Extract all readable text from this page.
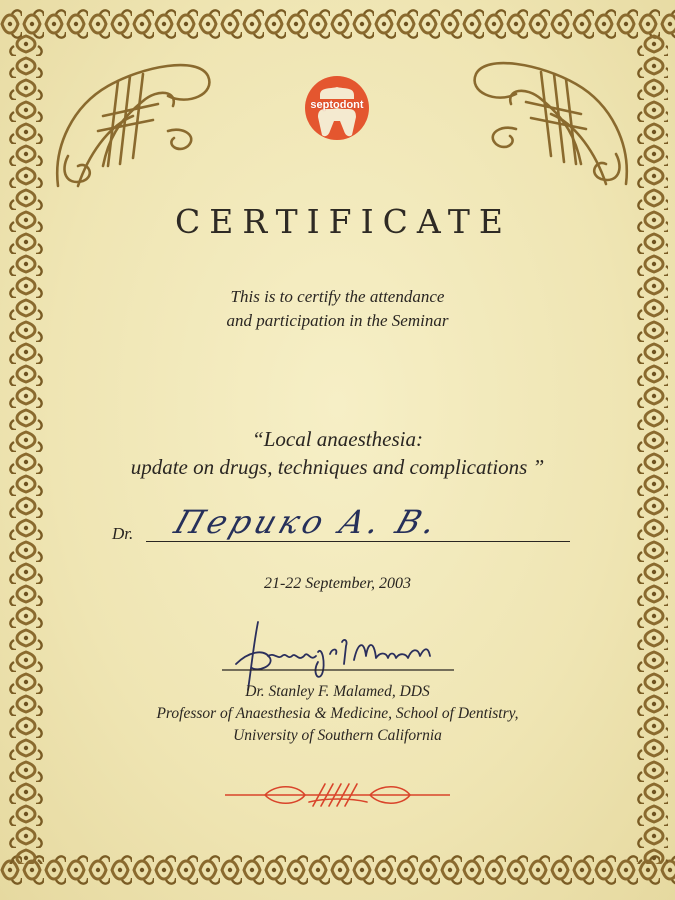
septodont
CERTIFICATE
This is to certify the attendance
and participation in the Seminar
“Local anaesthesia:
update on drugs, techniques and complications ”
Dr. Перико А. В.
21-22 September, 2003
Dr. Stanley F. Malamed, DDS
Professor of Anaesthesia & Medicine, School of Dentistry,
University of Southern California
